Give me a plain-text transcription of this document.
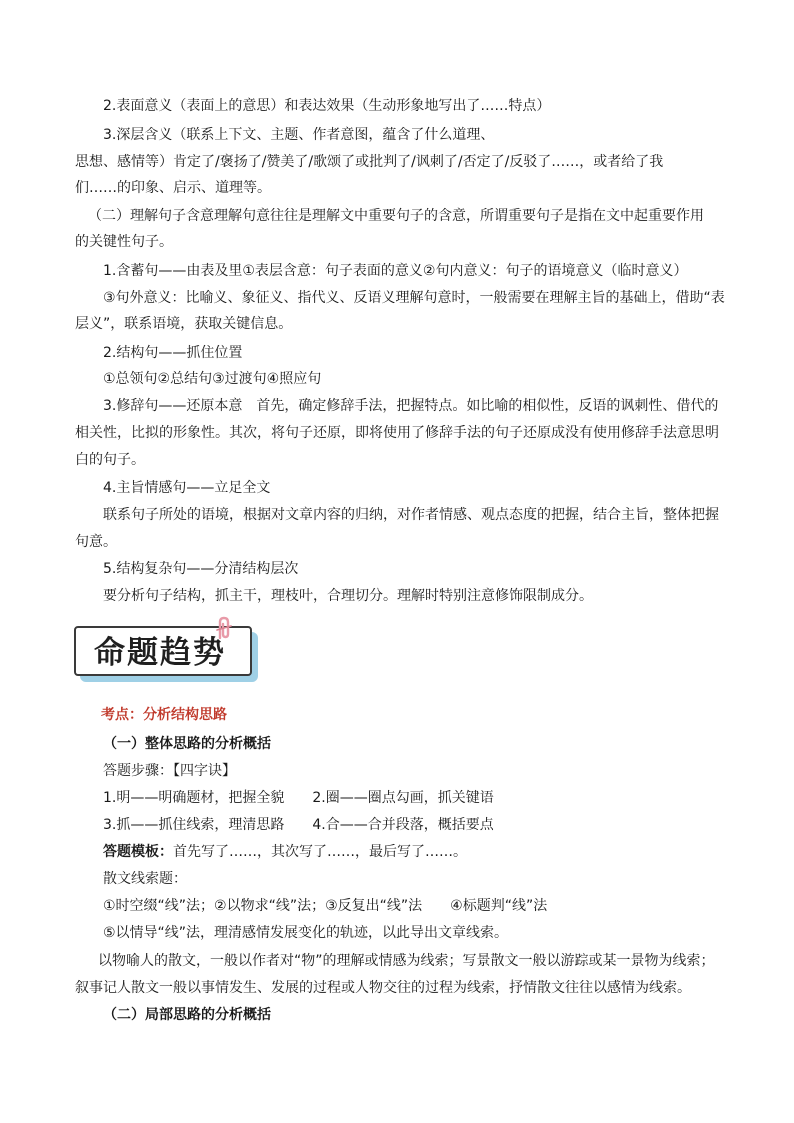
2.表面意义（表面上的意思）和表达效果（生动形象地写出了……特点）
3.深层含义（联系上下文、主题、作者意图，蕴含了什么道理、
思想、感情等）肯定了/褒扬了/赞美了/歌颂了或批判了/讽刺了/否定了/反驳了……，或者给了我
们……的印象、启示、道理等。
（二）理解句子含意理解句意往往是理解文中重要句子的含意，所谓重要句子是指在文中起重要作用
的关键性句子。
1.含蓄句——由表及里①表层含意：句子表面的意义②句内意义：句子的语境意义（临时意义）
③句外意义：比喻义、象征义、指代义、反语义理解句意时，一般需要在理解主旨的基础上，借助“表
层义”，联系语境，获取关键信息。
2.结构句——抓住位置
①总领句②总结句③过渡句④照应句
3.修辞句——还原本意　首先，确定修辞手法，把握特点。如比喻的相似性，反语的讽刺性、借代的
相关性，比拟的形象性。其次，将句子还原，即将使用了修辞手法的句子还原成没有使用修辞手法意思明
白的句子。
4.主旨情感句——立足全文
联系句子所处的语境，根据对文章内容的归纳，对作者情感、观点态度的把握，结合主旨，整体把握
句意。
5.结构复杂句——分清结构层次
要分析句子结构，抓主干，理枝叶，合理切分。理解时特别注意修饰限制成分。
命题趋势
考点：分析结构思路
（一）整体思路的分析概括
答题步骤：【四字诀】
1.明——明确题材，把握全貌　　2.圈——圈点勾画，抓关键语
3.抓——抓住线索，理清思路　　4.合——合并段落，概括要点
答题模板：首先写了……，其次写了……，最后写了……。
散文线索题：
①时空缀“线”法；②以物求“线”法；③反复出“线”法　　④标题判“线”法
⑤以情导“线”法，理清感情发展变化的轨迹，以此导出文章线索。
以物喻人的散文，一般以作者对“物”的理解或情感为线索；写景散文一般以游踪或某一景物为线索；
叙事记人散文一般以事情发生、发展的过程或人物交往的过程为线索，抒情散文往往以感情为线索。
（二）局部思路的分析概括
